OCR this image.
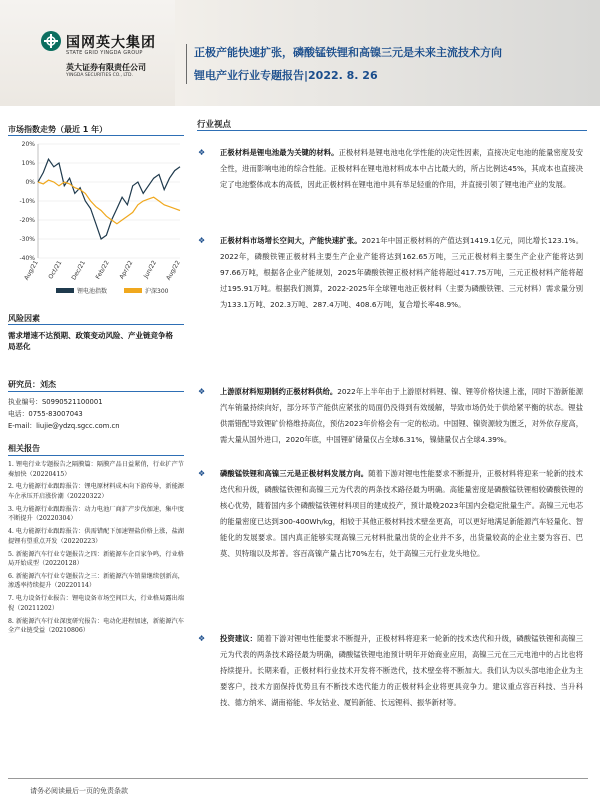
国网英大集团
STATE GRID YINGDA GROUP
英大证券有限责任公司
YINGDA SECURITIES CO., LTD.
正极产能快速扩张，磷酸锰铁锂和高镍三元是未来主流技术方向
锂电产业行业专题报告|2022. 8. 26
市场指数走势（最近 1 年）
20%
10%
0%
-10%
-20%
-30%
-40%
Aug/21 Oct/21 Dec/21 Feb/22 Apr/22 Jun/22 Aug/22
锂电池指数	沪深300
风险因素
需求增速不达预期、政策变动风险、产业链竞争格局恶化
研究员：刘杰
执业编号：S0990521100001
电话：0755-83007043
E-mail：liujie@ydzq.sgcc.com.cn
相关报告
1. 锂电行业专题报告之隔膜篇：隔膜产品日益紧俏，行业扩产节奏加快（20220415）
2. 电力能源行业跟踪报告：锂电原材料成本向下游传导，新能源车企承压开启涨价潮（20220322）
3. 电力能源行业跟踪报告：动力电池厂商扩产步伐加速，集中度不断提升（20220304）
4. 电力能源行业跟踪报告：供需错配下加速锂盐价格上涨，盐湖提锂有望重点开发（20220223）
5. 新能源汽车行业专题报告之四：新能源车企百家争鸣，行业格局开始成型（20220128）
6. 新能源汽车行业专题报告之三：新能源汽车销量继续创新高，渗透率持续提升（20220114）
7. 电力设备行业报告：锂电设备市场空间巨大，行业格局露出端倪（20211202）
8. 新能源汽车行业深度研究报告：电动化进程加速，新能源汽车全产业链受益（20210806）
行业视点
❖ 正极材料是锂电池最为关键的材料。正极材料是锂电池电化学性能的决定性因素，直接决定电池的能量密度及安全性，进而影响电池的综合性能。正极材料在锂电池材料成本中占比最大的，所占比例达45%，其成本也直接决定了电池整体成本的高低，因此正极材料在锂电池中具有举足轻重的作用，并直接引领了锂电池产业的发展。
❖ 正极材料市场增长空间大，产能快速扩张。2021年中国正极材料的产值达到1419.1亿元，同比增长123.1%。2022年，磷酸铁锂正极材料主要生产企业产能将达到162.65万吨，三元正极材料主要生产企业产能将达到97.66万吨，根据各企业产能规划，2025年磷酸铁锂正极材料产能将超过417.75万吨，三元正极材料产能将超过195.91万吨。根据我们测算，2022-2025年全球锂电池正极材料（主要为磷酸铁锂、三元材料）需求量分别为133.1万吨、202.3万吨、287.4万吨、408.6万吨，复合增长率48.9%。
❖ 上游原材料短期制约正极材料供给。2022年上半年由于上游原材料锂、镍、锂等价格快速上涨，同时下游新能源汽车销量持续向好，部分环节产能供应紧张的局面仍没得到有效缓解，导致市场仍处于供给紧平衡的状态。锂盐供需错配导致锂矿价格维持高位，预估2023年价格会有一定的松动。中国锂、镍资源较为匮乏，对外依存度高，需大量从国外进口，2020年底，中国锂矿储量仅占全球6.31%，镍储量仅占全球4.39%。
❖ 磷酸锰铁锂和高镍三元是正极材料发展方向。随着下游对锂电性能要求不断提升，正极材料将迎来一轮新的技术迭代和升级，磷酸锰铁锂和高镍三元为代表的两条技术路径最为明确。高能量密度是磷酸锰铁锂相较磷酸铁锂的核心优势，随着国内多个磷酸锰铁锂材料项目的建成投产，预计最晚2023年国内会稳定批量生产。高镍三元电芯的能量密度已达到300-400Wh/kg，相较于其他正极材料技术壁垒更高，可以更好地满足新能源汽车轻量化、智能化的发展要求。国内真正能够实现高镍三元材料批量出货的企业并不多，出货量较高的企业主要为容百、巴莫、贝特瑞以及邦普。容百高镍产量占比70%左右，处于高镍三元行业龙头地位。
❖ 投资建议：随着下游对锂电性能要求不断提升，正极材料将迎来一轮新的技术迭代和升级，磷酸锰铁锂和高镍三元为代表的两条技术路径最为明确，磷酸锰铁锂电池预计明年开始商业应用，高镍三元在三元电池中的占比也将持续提升。长期来看，正极材料行业技术开发将不断迭代，技术壁垒将不断加大。我们认为以头部电池企业为主要客户，技术方面保持优势且有不断技术迭代能力的正极材料企业将更具竞争力。建议重点容百科技、当升科技、德方纳米、湖南裕能、华友钴业、厦钨新能、长远锂科、振华新材等。
请务必阅读最后一页的免责条款
